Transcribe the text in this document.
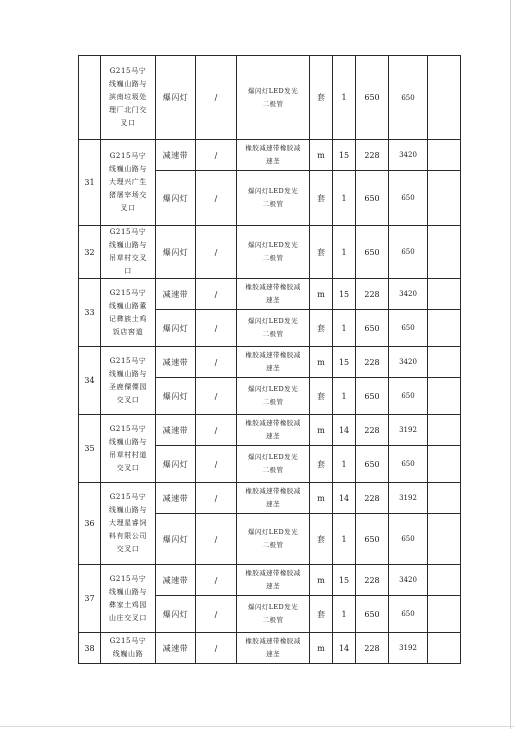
	G215马宁线巍山路与滨南垃圾处理厂北门交叉口	爆闪灯	/	爆闪灯LED发光二极管	套	1	650	650	
31	G215马宁线巍山路与大理兴广生猪屠宰场交叉口	减速带	/	橡胶减速带橡胶减速垄	m	15	228	3420	
		爆闪灯	/	爆闪灯LED发光二极管	套	1	650	650	
32	G215马宁线巍山路与吊草村交叉口	爆闪灯	/	爆闪灯LED发光二极管	套	1	650	650	
33	G215马宁线巍山路董记彝族土鸡饭店窖道	减速带	/	橡胶减速带橡胶减速垄	m	15	228	3420	
		爆闪灯	/	爆闪灯LED发光二极管	套	1	650	650	
34	G215马宁线巍山路与圣鹿傈僳园交叉口	减速带	/	橡胶减速带橡胶减速垄	m	15	228	3420	
		爆闪灯	/	爆闪灯LED发光二极管	套	1	650	650	
35	G215马宁线巍山路与吊草村村道交叉口	减速带	/	橡胶减速带橡胶减速垄	m	14	228	3192	
		爆闪灯	/	爆闪灯LED发光二极管	套	1	650	650	
36	G215马宁线巍山路与大理星睿饲料有限公司交叉口	减速带	/	橡胶减速带橡胶减速垄	m	14	228	3192	
		爆闪灯	/	爆闪灯LED发光二极管	套	1	650	650	
37	G215马宁线巍山路与彝家土鸡园山庄交叉口	减速带	/	橡胶减速带橡胶减速垄	m	15	228	3420	
		爆闪灯	/	爆闪灯LED发光二极管	套	1	650	650	
38	G215马宁线巍山路	减速带	/	橡胶减速带橡胶减速垄	m	14	228	3192	
